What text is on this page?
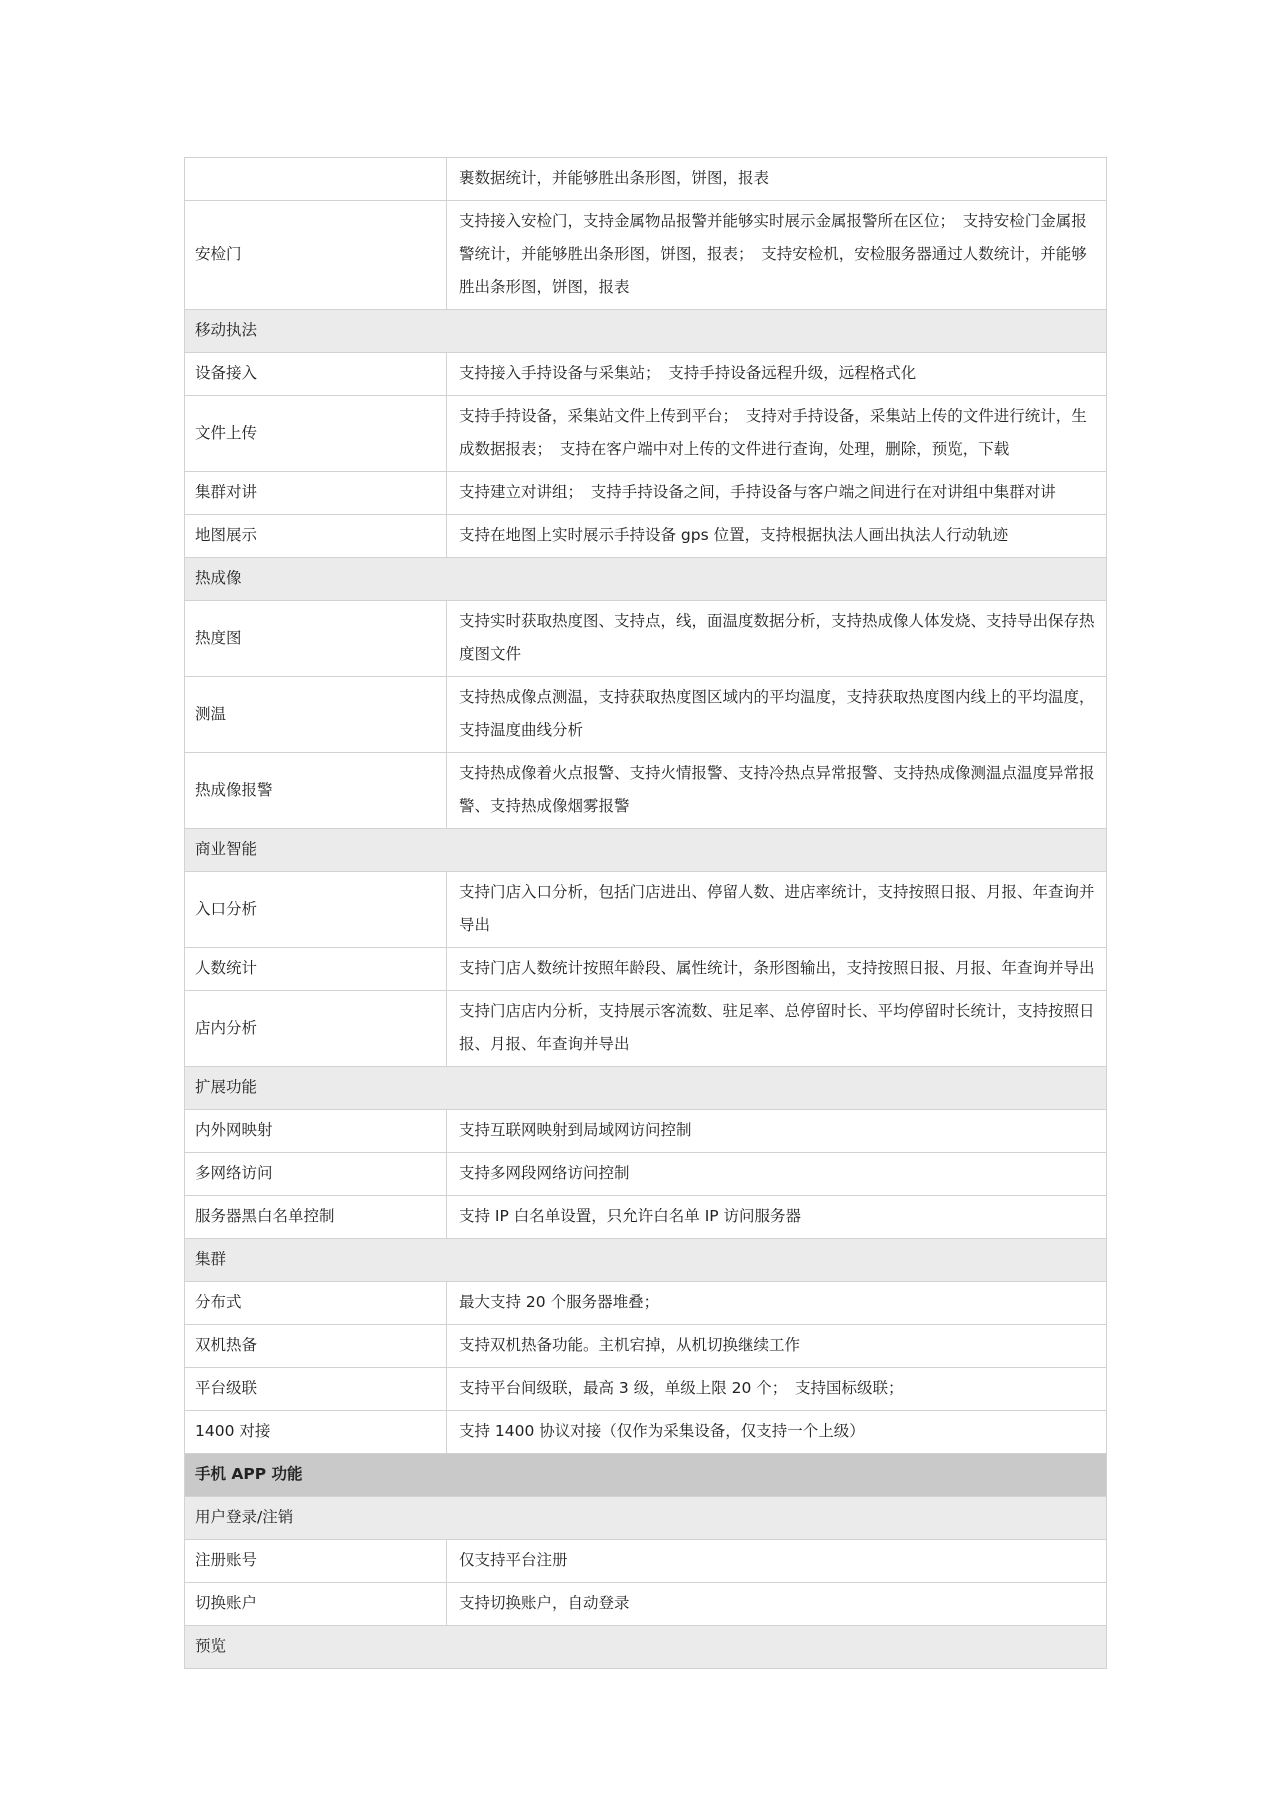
	裹数据统计，并能够胜出条形图，饼图，报表
安检门	支持接入安检门，支持金属物品报警并能够实时展示金属报警所在区位；　支持安检门金属报警统计，并能够胜出条形图，饼图，报表；　支持安检机，安检服务器通过人数统计，并能够胜出条形图，饼图，报表
移动执法	
设备接入	支持接入手持设备与采集站；　支持手持设备远程升级，远程格式化
文件上传	支持手持设备，采集站文件上传到平台；　支持对手持设备，采集站上传的文件进行统计，生成数据报表；　支持在客户端中对上传的文件进行查询，处理，删除，预览，下载
集群对讲	支持建立对讲组；　支持手持设备之间，手持设备与客户端之间进行在对讲组中集群对讲
地图展示	支持在地图上实时展示手持设备 gps 位置，支持根据执法人画出执法人行动轨迹
热成像	
热度图	支持实时获取热度图、支持点，线，面温度数据分析，支持热成像人体发烧、支持导出保存热度图文件
测温	支持热成像点测温，支持获取热度图区域内的平均温度，支持获取热度图内线上的平均温度，支持温度曲线分析
热成像报警	支持热成像着火点报警、支持火情报警、支持冷热点异常报警、支持热成像测温点温度异常报警、支持热成像烟雾报警
商业智能	
入口分析	支持门店入口分析，包括门店进出、停留人数、进店率统计，支持按照日报、月报、年查询并导出
人数统计	支持门店人数统计按照年龄段、属性统计，条形图输出，支持按照日报、月报、年查询并导出
店内分析	支持门店店内分析，支持展示客流数、驻足率、总停留时长、平均停留时长统计，支持按照日报、月报、年查询并导出
扩展功能	
内外网映射	支持互联网映射到局域网访问控制
多网络访问	支持多网段网络访问控制
服务器黑白名单控制	支持 IP 白名单设置，只允许白名单 IP 访问服务器
集群	
分布式	最大支持 20 个服务器堆叠；
双机热备	支持双机热备功能。主机宕掉，从机切换继续工作
平台级联	支持平台间级联，最高 3 级，单级上限 20 个；　支持国标级联；
1400 对接	支持 1400 协议对接（仅作为采集设备，仅支持一个上级）
手机 APP 功能	
用户登录/注销	
注册账号	仅支持平台注册
切换账户	支持切换账户，自动登录
预览	
